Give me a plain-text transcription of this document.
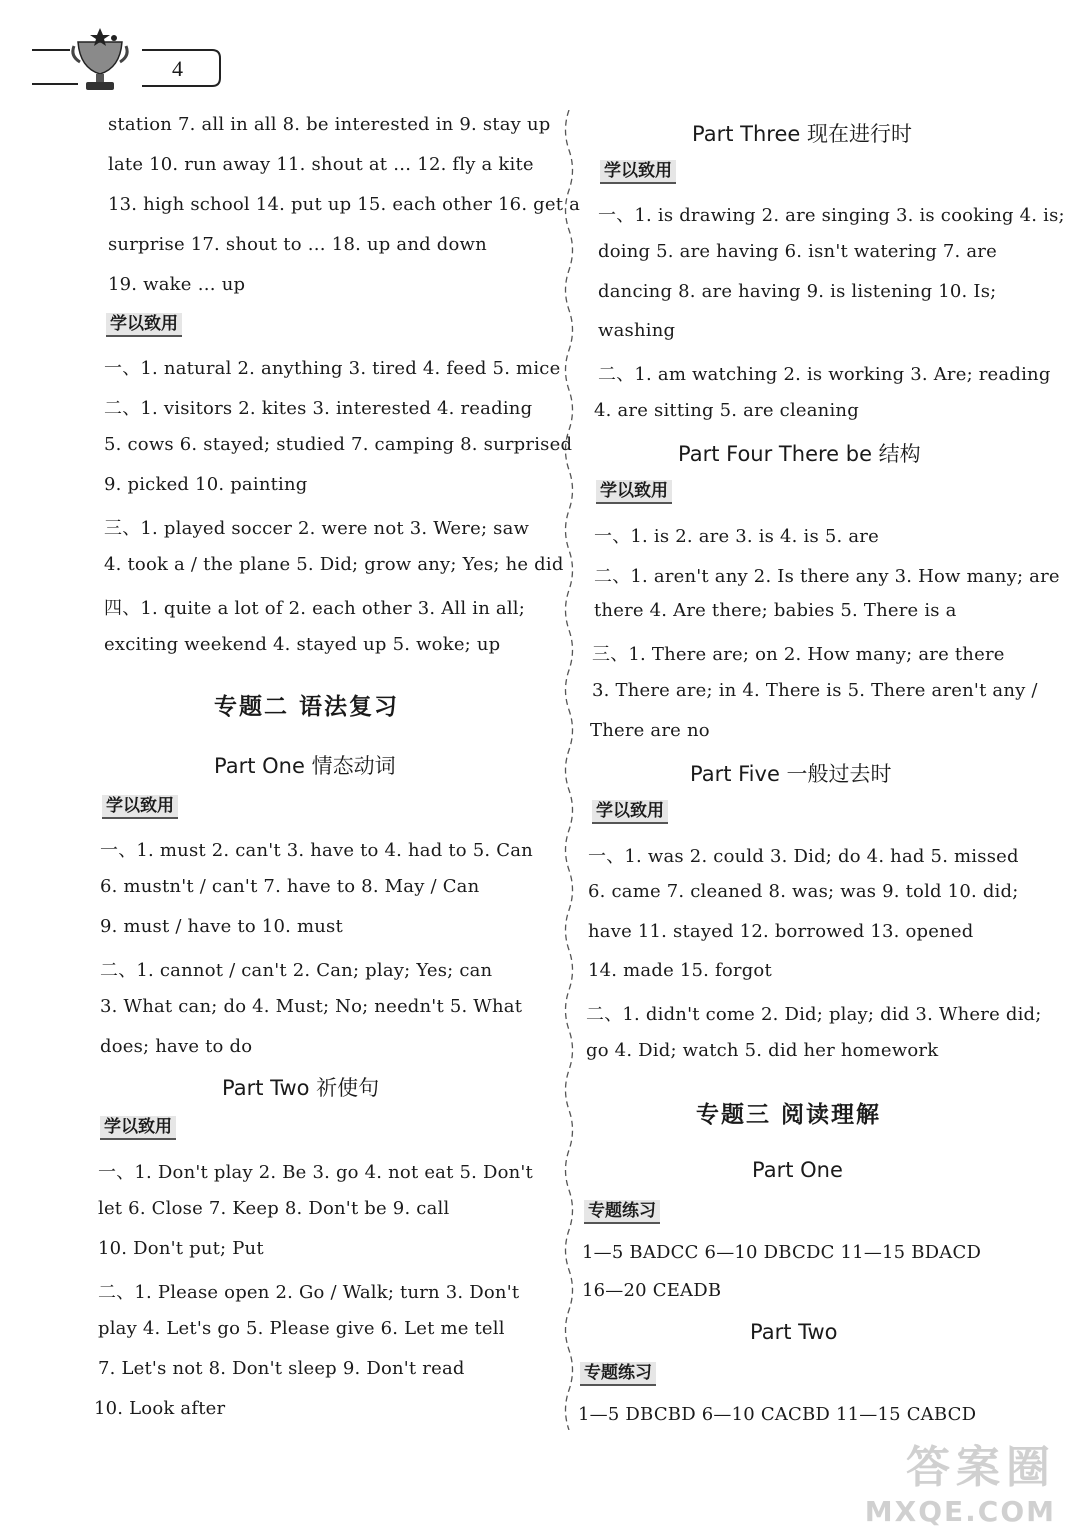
4
station 7. all in all 8. be interested in 9. stay up
late 10. run away 11. shout at … 12. fly a kite
13. high school 14. put up 15. each other 16. get a
surprise 17. shout to … 18. up and down
19. wake … up
学以致用
一、1. natural 2. anything 3. tired 4. feed 5. mice
二、1. visitors 2. kites 3. interested 4. reading
5. cows 6. stayed; studied 7. camping 8. surprised
9. picked 10. painting
三、1. played soccer 2. were not 3. Were; saw
4. took a / the plane 5. Did; grow any; Yes; he did
四、1. quite a lot of 2. each other 3. All in all;
exciting weekend 4. stayed up 5. woke; up
专题二 语法复习
Part One 情态动词
学以致用
一、1. must 2. can't 3. have to 4. had to 5. Can
6. mustn't / can't 7. have to 8. May / Can
9. must / have to 10. must
二、1. cannot / can't 2. Can; play; Yes; can
3. What can; do 4. Must; No; needn't 5. What
does; have to do
Part Two 祈使句
学以致用
一、1. Don't play 2. Be 3. go 4. not eat 5. Don't
let 6. Close 7. Keep 8. Don't be 9. call
10. Don't put; Put
二、1. Please open 2. Go / Walk; turn 3. Don't
play 4. Let's go 5. Please give 6. Let me tell
7. Let's not 8. Don't sleep 9. Don't read
10. Look after
Part Three 现在进行时
学以致用
一、1. is drawing 2. are singing 3. is cooking 4. is;
doing 5. are having 6. isn't watering 7. are
dancing 8. are having 9. is listening 10. Is;
washing
二、1. am watching 2. is working 3. Are; reading
4. are sitting 5. are cleaning
Part Four There be 结构
学以致用
一、1. is 2. are 3. is 4. is 5. are
二、1. aren't any 2. Is there any 3. How many; are
there 4. Are there; babies 5. There is a
三、1. There are; on 2. How many; are there
3. There are; in 4. There is 5. There aren't any /
There are no
Part Five 一般过去时
学以致用
一、1. was 2. could 3. Did; do 4. had 5. missed
6. came 7. cleaned 8. was; was 9. told 10. did;
have 11. stayed 12. borrowed 13. opened
14. made 15. forgot
二、1. didn't come 2. Did; play; did 3. Where did;
go 4. Did; watch 5. did her homework
专题三 阅读理解
Part One
专题练习
1—5 BADCC 6—10 DBCDC 11—15 BDACD
16—20 CEADB
Part Two
专题练习
1—5 DBCBD 6—10 CACBD 11—15 CABCD
答案圈
MXQE.COM
